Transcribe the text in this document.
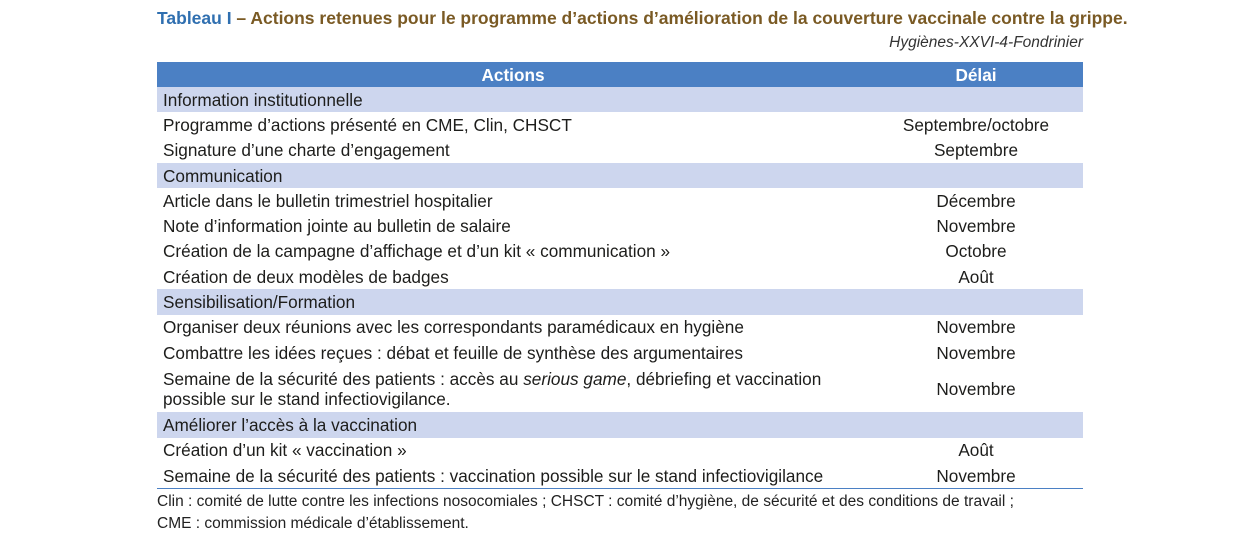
Tableau I – Actions retenues pour le programme d’actions d’amélioration de la couverture vaccinale contre la grippe.
Hygiènes-XXVI-4-Fondrinier
Actions	Délai
Information institutionnelle	
Programme d’actions présenté en CME, Clin, CHSCT	Septembre/octobre
Signature d’une charte d’engagement	Septembre
Communication	
Article dans le bulletin trimestriel hospitalier	Décembre
Note d’information jointe au bulletin de salaire	Novembre
Création de la campagne d’affichage et d’un kit « communication »	Octobre
Création de deux modèles de badges	Août
Sensibilisation/Formation	
Organiser deux réunions avec les correspondants paramédicaux en hygiène	Novembre
Combattre les idées reçues : débat et feuille de synthèse des argumentaires	Novembre
Semaine de la sécurité des patients : accès au serious game, débriefing et vaccination possible sur le stand infectiovigilance.	Novembre
Améliorer l’accès à la vaccination	
Création d’un kit « vaccination »	Août
Semaine de la sécurité des patients : vaccination possible sur le stand infectiovigilance	Novembre
Clin : comité de lutte contre les infections nosocomiales ; CHSCT : comité d’hygiène, de sécurité et des conditions de travail ;
CME : commission médicale d’établissement.
